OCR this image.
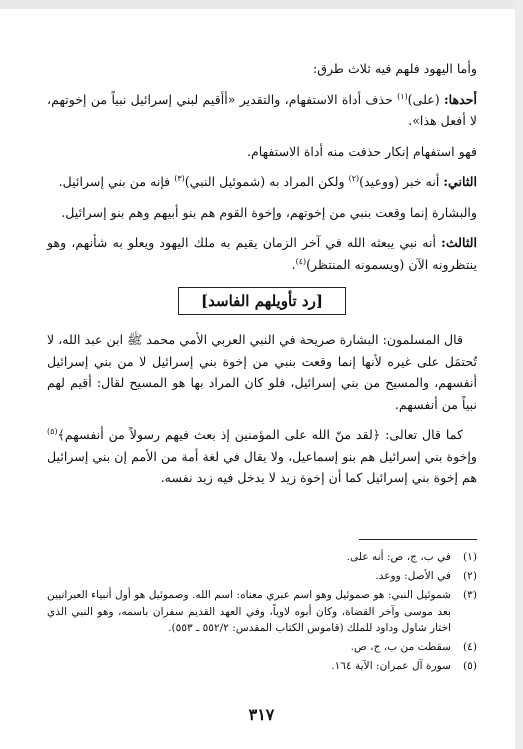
وأما اليهود فلهم فيه ثلاث طرق:

أحدها: (على)$^{(١)}$ حذف أداة الاستفهام، والتقدير «أأقيم لبني إسرائيل نبياً من إخوتهم، لا أفعل هذا».

فهو استفهام إنكار حذفت منه أداة الاستفهام.

الثاني: أنه خبر (ووعيد)$^{(٢)}$ ولكن المراد به (شموئيل النبي)$^{(٣)}$ فإنه من بني إسرائيل.

والبشارة إنما وقعت بنبي من إخوتهم، وإخوة القوم هم بنو أبيهم وهم بنو إسرائيل.

الثالث: أنه نبي يبعثه الله في آخر الزمان يقيم به ملك اليهود ويعلو به شأنهم، وهو ينتظرونه الآن (ويسمونه المنتظر)$^{(٤)}$.

[رد تأويلهم الفاسد]

قال المسلمون: البشارة صريحة في النبي العربي الأمي محمد ﷺ ابن عبد الله، لا تُحتمَل على غيره لأنها إنما وقعت بنبي من إخوة بني إسرائيل لا من بني إسرائيل أنفسهم، والمسيح من بني إسرائيل، فلو كان المراد بها هو المسيح لقال: أقيم لهم نبياً من أنفسهم.

كما قال تعالى: ﴿لقد منّ الله على المؤمنين إذ بعث فيهم رسولاً من أنفسهم﴾$^{(٥)}$ وإخوة بني إسرائيل هم بنو إسماعيل، ولا يقال في لغة أمة من الأمم إن بني إسرائيل هم إخوة بني إسرائيل كما أن إخوة زيد لا يدخل فيه زيد نفسه.

(١)
في ب، ج، ص: أنه على.
(٢)
في الأصل: ووعد.
(٣)
شموئيل النبي: هو صموئيل وهو اسم عبري معناه: اسم الله. وصموئيل هو أول أنبياء العبرانيين بعد موسى وآخر القضاة، وكان أبوه لاوياً، وفي العهد القديم سفران باسمه، وهو النبي الذي اختار شاول وداود للملك (قاموس الكتاب المقدس: ٥٥٢/٢ ـ ٥٥٣).
(٤)
سقطت من ب، ج، ص.
(٥)
سورة آل عمران: الآية ١٦٤.
٣١٧
